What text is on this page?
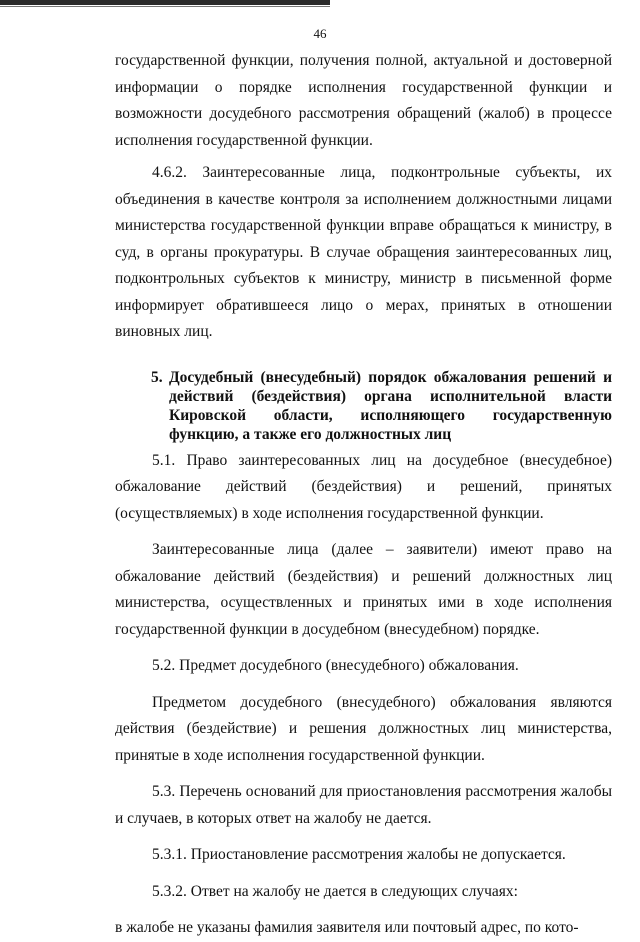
46

государственной функции, получения полной, актуальной и достоверной информации о порядке исполнения государственной функции и возможности досудебного рассмотрения обращений (жалоб) в процессе исполнения государственной функции.

4.6.2. Заинтересованные лица, подконтрольные субъекты, их объединения в качестве контроля за исполнением должностными лицами министерства государственной функции вправе обращаться к министру, в суд, в органы прокуратуры. В случае обращения заинтересованных лиц, подконтрольных субъектов к министру, министр в письменной форме информирует обратившееся лицо о мерах, принятых в отношении виновных лиц.

5. Досудебный (внесудебный) порядок обжалования решений и действий (бездействия) органа исполнительной власти Кировской области, исполняющего государственную функцию, а также его должностных лиц

5.1. Право заинтересованных лиц на досудебное (внесудебное) обжалование действий (бездействия) и решений, принятых (осуществляемых) в ходе исполнения государственной функции.

Заинтересованные лица (далее – заявители) имеют право на обжалование действий (бездействия) и решений должностных лиц министерства, осуществленных и принятых ими в ходе исполнения государственной функции в досудебном (внесудебном) порядке.

5.2. Предмет досудебного (внесудебного) обжалования.

Предметом досудебного (внесудебного) обжалования являются действия (бездействие) и решения должностных лиц министерства, принятые в ходе исполнения государственной функции.

5.3. Перечень оснований для приостановления рассмотрения жалобы и случаев, в которых ответ на жалобу не дается.

5.3.1. Приостановление рассмотрения жалобы не допускается.

5.3.2. Ответ на жалобу не дается в следующих случаях:

в жалобе не указаны фамилия заявителя или почтовый адрес, по кото-
